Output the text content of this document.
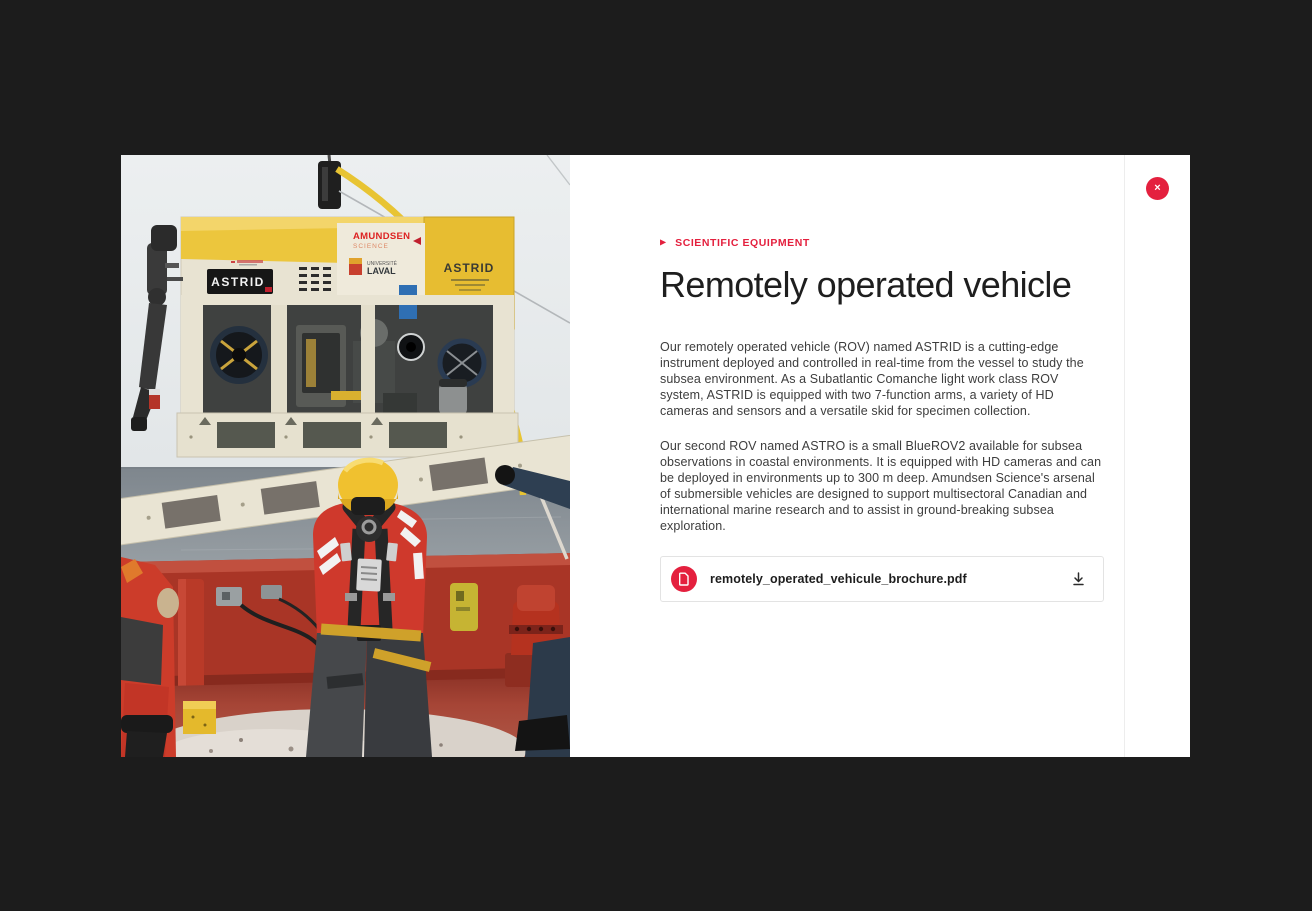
ASTRID
AMUNDSEN
SCIENCE
UNIVERSITÉ
LAVAL
ASTRID
▶ SCIENTIFIC EQUIPMENT
Remotely operated vehicle

Our remotely operated vehicle (ROV) named ASTRID is a cutting-edge instrument deployed and controlled in real-time from the vessel to study the subsea environment. As a Subatlantic Comanche light work class ROV system, ASTRID is equipped with two 7-function arms, a variety of HD cameras and sensors and a versatile skid for specimen collection.

Our second ROV named ASTRO is a small BlueROV2 available for subsea observations in coastal environments. It is equipped with HD cameras and can be deployed in environments up to 300 m deep. Amundsen Science's arsenal of submersible vehicles are designed to support multisectoral Canadian and international marine research and to assist in ground-breaking subsea exploration.

remotely_operated_vehicule_brochure.pdf
×
